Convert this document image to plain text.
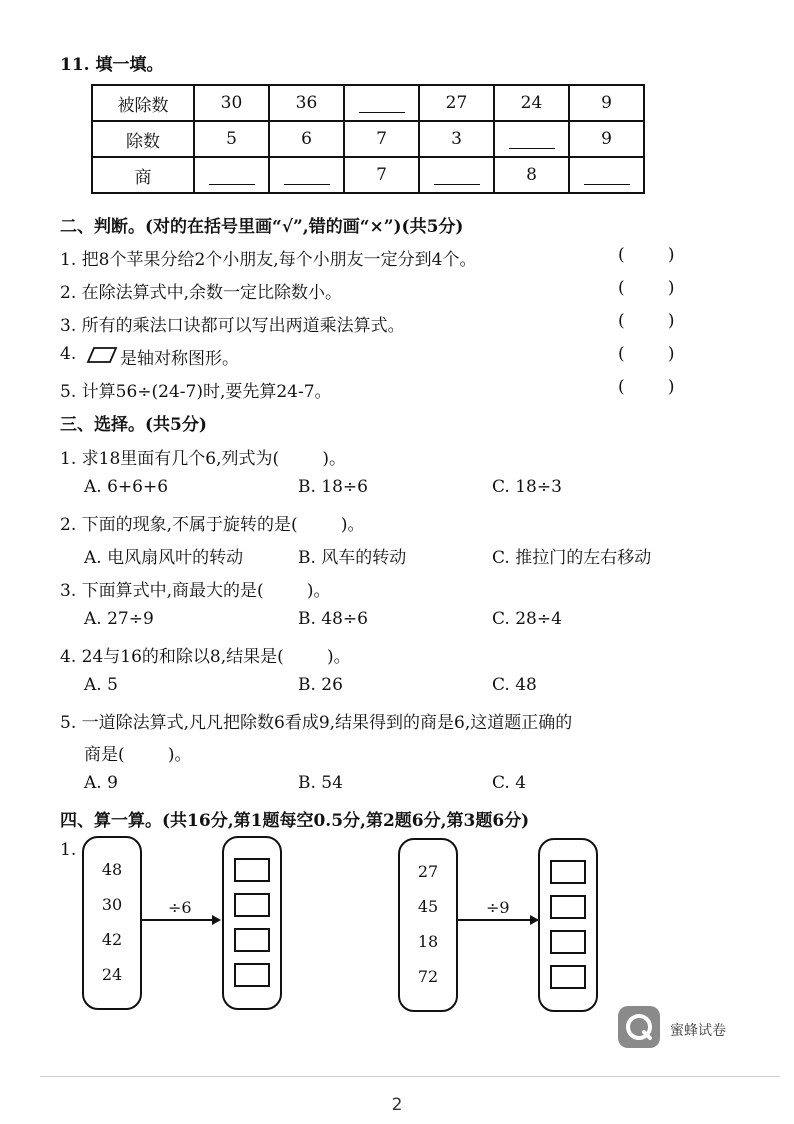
11. 填一填。
被除数	30	36		27	24	9
除数	5	6	7	3		9
商			7		8	
二、判断。(对的在括号里画“√”,错的画“×”)(共5分)
1. 把8个苹果分给2个小朋友,每个小朋友一定分到4个。	(        )
2. 在除法算式中,余数一定比除数小。	(        )
3. 所有的乘法口诀都可以写出两道乘法算式。	(        )
4.	是轴对称图形。	(        )
5. 计算56÷(24-7)时,要先算24-7。	(        )
三、选择。(共5分)
1. 求18里面有几个6,列式为(        )。
A. 6+6+6	B. 18÷6	C. 18÷3
2. 下面的现象,不属于旋转的是(        )。
A. 电风扇风叶的转动	B. 风车的转动	C. 推拉门的左右移动
3. 下面算式中,商最大的是(        )。
A. 27÷9	B. 48÷6	C. 28÷4
4. 24与16的和除以8,结果是(        )。
A. 5	B. 26	C. 48
5. 一道除法算式,凡凡把除数6看成9,结果得到的商是6,这道题正确的
商是(        )。
A. 9	B. 54	C. 4
四、算一算。(共16分,第1题每空0.5分,第2题6分,第3题6分)
1.
48
30
42
24
÷6
27
45
18
72
÷9
蜜蜂试卷
2
